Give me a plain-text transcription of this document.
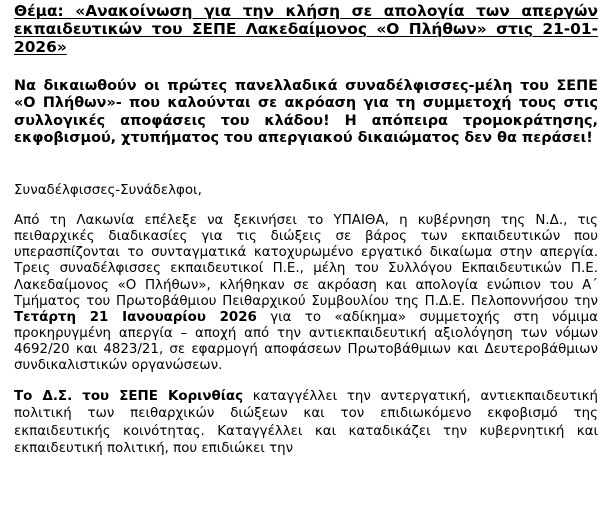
Θέμα: «Ανακοίνωση για την κλήση σε απολογία των απεργών εκπαιδευτικών του ΣΕΠΕ Λακεδαίμονος «Ο Πλήθων» στις 21-01-2026»

Να δικαιωθούν οι πρώτες πανελλαδικά συναδέλφισσες-μέλη του ΣΕΠΕ «Ο Πλήθων»- που καλούνται σε ακρόαση για τη συμμετοχή τους στις συλλογικές αποφάσεις του κλάδου! Η απόπειρα τρομοκράτησης, εκφοβισμού, χτυπήματος του απεργιακού δικαιώματος δεν θα περάσει!

Συναδέλφισσες-Συνάδελφοι,

Από τη Λακωνία επέλεξε να ξεκινήσει το ΥΠΑΙΘΑ, η κυβέρνηση της Ν.Δ., τις πειθαρχικές διαδικασίες για τις διώξεις σε βάρος των εκπαιδευτικών που υπερασπίζονται το συνταγματικά κατοχυρωμένο εργατικό δικαίωμα στην απεργία. Τρεις συναδέλφισσες εκπαιδευτικοί Π.Ε., μέλη του Συλλόγου Εκπαιδευτικών Π.Ε. Λακεδαίμονος «Ο Πλήθων», κλήθηκαν σε ακρόαση και απολογία ενώπιον του Α΄ Τμήματος του Πρωτοβάθμιου Πειθαρχικού Συμβουλίου της Π.Δ.Ε. Πελοποννήσου την Τετάρτη 21 Ιανουαρίου 2026 για το «αδίκημα» συμμετοχής στη νόμιμα προκηρυγμένη απεργία – αποχή από την αντιεκπαιδευτική αξιολόγηση των νόμων 4692/20 και 4823/21, σε εφαρμογή αποφάσεων Πρωτοβάθμιων και Δευτεροβάθμιων συνδικαλιστικών οργανώσεων.

Το Δ.Σ. του ΣΕΠΕ Κορινθίας καταγγέλλει την αντεργατική, αντιεκπαιδευτική πολιτική των πειθαρχικών διώξεων και τον επιδιωκόμενο εκφοβισμό της εκπαιδευτικής κοινότητας. Καταγγέλλει και καταδικάζει την κυβερνητική και εκπαιδευτική πολιτική, που επιδιώκει την
